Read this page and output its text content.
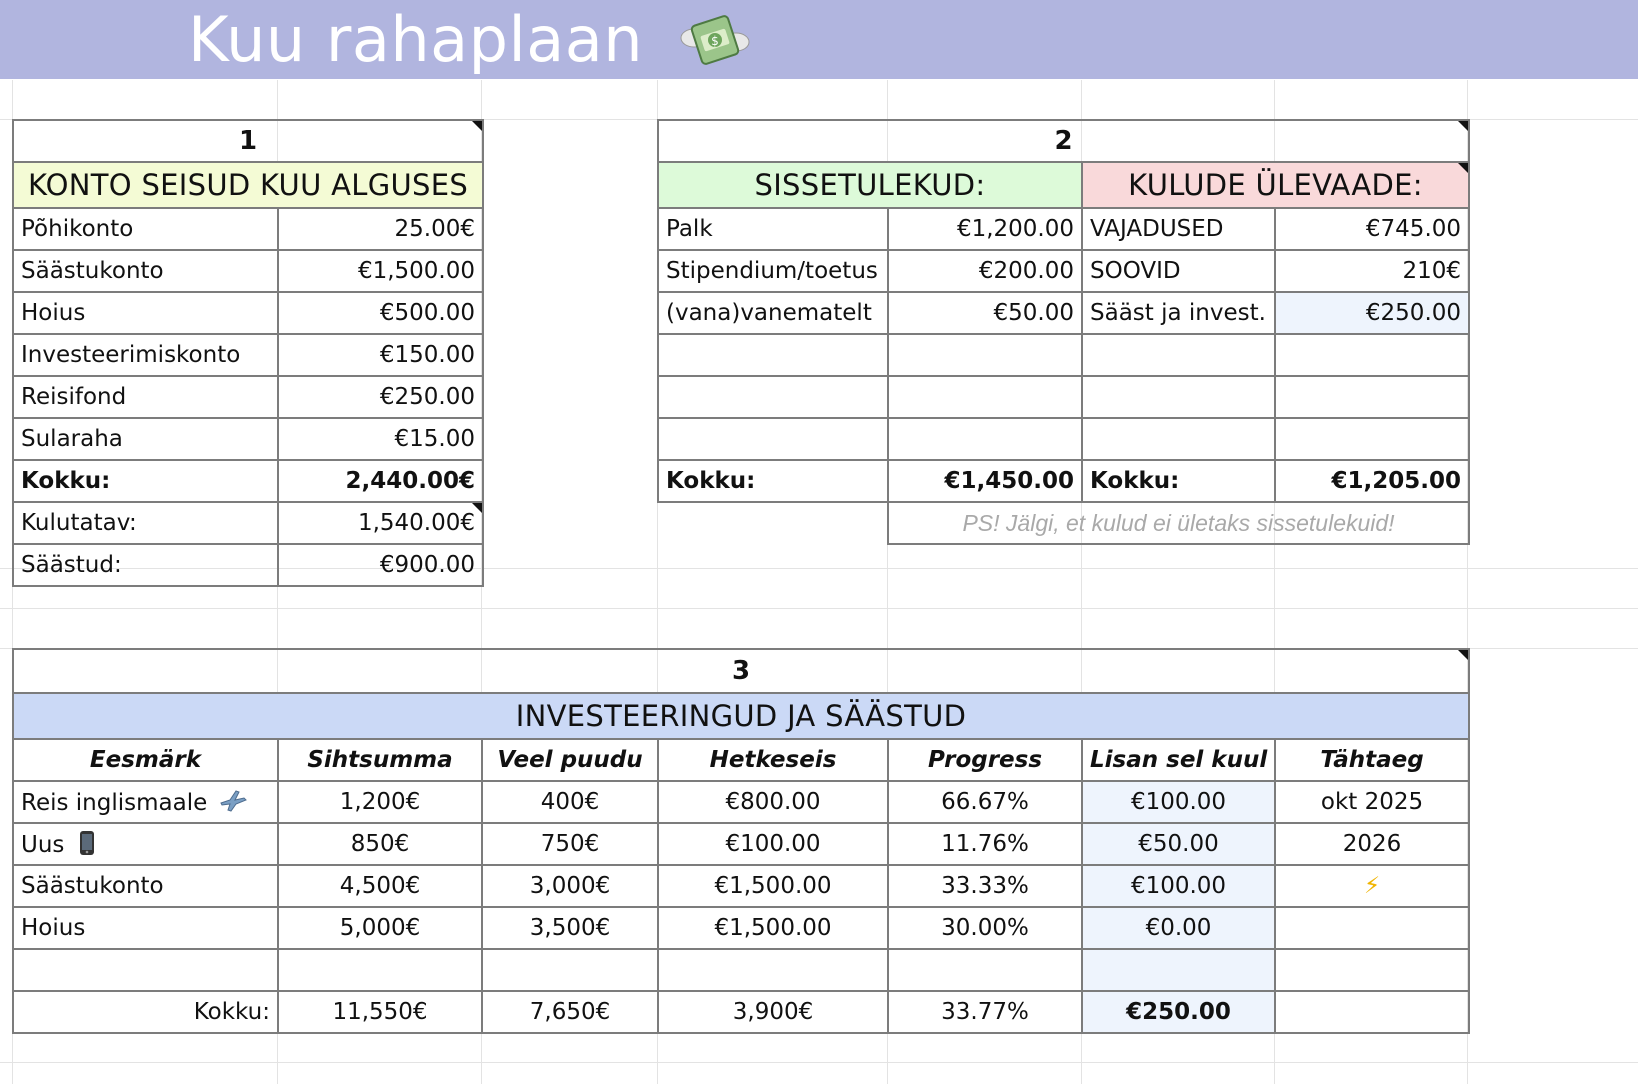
Kuu rahaplaan	$
1	

KONTO SEISUD KUU ALGUSES	
Põhikonto	25.00€
Säästukonto	€1,500.00
Hoius	€500.00
Investeerimiskonto	€150.00
Reisifond	€250.00
Sularaha	€15.00
Kokku:	2,440.00€
Kulutatav:	1,540.00€

Säästud:	€900.00
2			

SISSETULEKUD:		KULUDE ÜLEVAADE:	

Palk	€1,200.00	VAJADUSED	€745.00
Stipendium/toetus	€200.00	SOOVID	210€
(vana)vanematelt	€50.00	Sääst ja invest.	€250.00

Kokku:	€1,450.00	Kokku:	€1,205.00
	PS! Jälgi, et kulud ei ületaks sissetulekuid!		
3						

INVESTEERINGUD JA SÄÄSTUD						
Eesmärk	Sihtsumma	Veel puudu	Hetkeseis	Progress	Lisan sel kuul	Tähtaeg
Reis inglismaale	1,200€	400€	€800.00	66.67%	€100.00	okt 2025
Uus	850€	750€	€100.00	11.76%	€50.00	2026
Säästukonto	4,500€	3,000€	€1,500.00	33.33%	€100.00	⚡
Hoius	5,000€	3,500€	€1,500.00	30.00%	€0.00	

Kokku:	11,550€	7,650€	3,900€	33.77%	€250.00	
